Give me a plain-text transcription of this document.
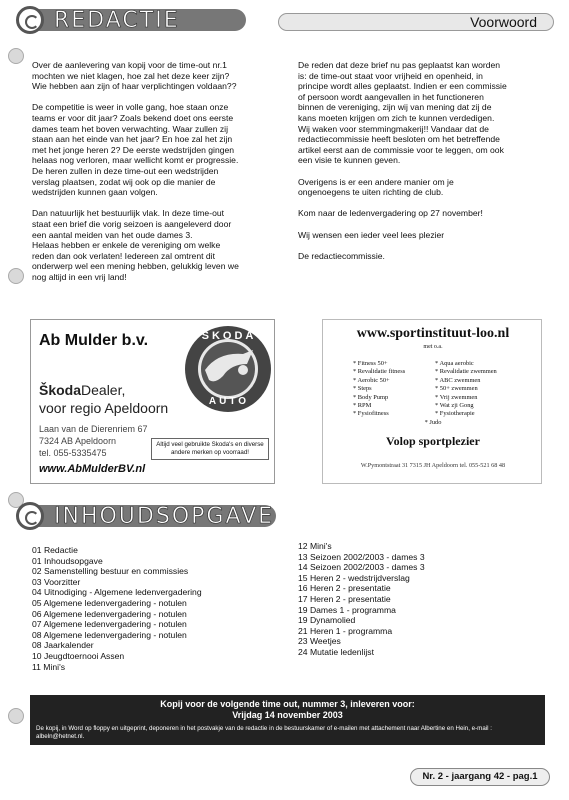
Voorwoord
REDACTIE

Over de aanlevering van kopij voor de time-out nr.1
mochten we niet klagen, hoe zal het deze keer zijn?
Wie hebben aan zijn of haar verplichtingen voldaan??

De competitie is weer in volle gang, hoe staan onze
teams er voor dit jaar? Zoals bekend doet ons eerste
dames team het boven verwachting. Waar zullen zij
staan aan het einde van het jaar? En hoe zal het zijn
met het jonge heren 2? De eerste wedstrijden gingen
helaas nog verloren, maar wellicht komt er progressie.
De heren zullen in deze time-out een wedstrijden
verslag plaatsen, zodat wij ook op die manier de
wedstrijden kunnen gaan volgen.

Dan natuurlijk het bestuurlijk vlak. In deze time-out
staat een brief die vorig seizoen is aangeleverd door
een aantal meiden van het oude dames 3.
Helaas hebben er enkele de vereniging om welke
reden dan ook verlaten! Iedereen zal omtrent dit
onderwerp wel een mening hebben, gelukkig leven we
nog altijd in een vrij land!

De reden dat deze brief nu pas geplaatst kan worden
is: de time-out staat voor vrijheid en openheid, in
principe wordt alles geplaatst. Indien er een commissie
of persoon wordt aangevallen in het functioneren
binnen de vereniging, zijn wij van mening dat zij de
kans moeten krijgen om zich te kunnen verdedigen.
Wij waken voor stemmingmakerij!! Vandaar dat de
redactiecommissie heeft besloten om het betreffende
artikel eerst aan de commissie voor te leggen, om ook
een visie te kunnen geven.

Overigens is er een andere manier om je
ongenoegens te uiten richting de club.

Kom naar de ledenvergadering op 27 november!

Wij wensen een ieder veel lees plezier

De redactiecommissie.

Ab Mulder b.v.	SKODA
AUTO
ŠkodaDealer,
voor regio Apeldoorn
Laan van de Dierenriem 67
7324 AB Apeldoorn
tel. 055-5335475
www.AbMulderBV.nl
Altijd veel gebruikte Skoda's en diverse andere merken op voorraad!
www.sportinstituut-loo.nl
met o.a.
* Fitness 50+
* Revalidatie fitness
* Aerobic 50+
* Steps
* Body Pump
* RPM
* Fysiofitness
* Aqua aerobic
* Revalidatie zwemmen
* ABC zwemmen
* 50+ zwemmen
* Vrij zwemmen
* Wat zji Gong
* Fysiotherapie
* Judo
Volop sportplezier
W.Pymontstraat 31 7315 JH Apeldoorn tel. 055-521 68 48
INHOUDSOPGAVE
01 Redactie
01 Inhoudsopgave
02 Samenstelling bestuur en commissies
03 Voorzitter
04 Uitnodiging - Algemene ledenvergadering
05 Algemene ledenvergadering - notulen
06 Algemene ledenvergadering - notulen
07 Algemene ledenvergadering - notulen
08 Algemene ledenvergadering - notulen
08 Jaarkalender
10 Jeugdtoernooi Assen
11 Mini's
12 Mini's
13 Seizoen 2002/2003 - dames 3
14 Seizoen 2002/2003 - dames 3
15 Heren 2 - wedstrijdverslag
16 Heren 2 - presentatie
17 Heren 2 - presentatie
19 Dames 1 - programma
19 Dynamolied
21 Heren 1 - programma
23 Weetjes
24 Mutatie ledenlijst
Kopij voor de volgende time out, nummer 3, inleveren voor:
Vrijdag 14 november 2003
De kopij, in Word op floppy en uitgeprint, deponeren in het postvakje van de redactie in de bestuurskamer of e-mailen met attachement naar Albertine en Hein, e-mail : albeln@hetnet.nl.
Nr. 2 - jaargang 42 - pag.1
